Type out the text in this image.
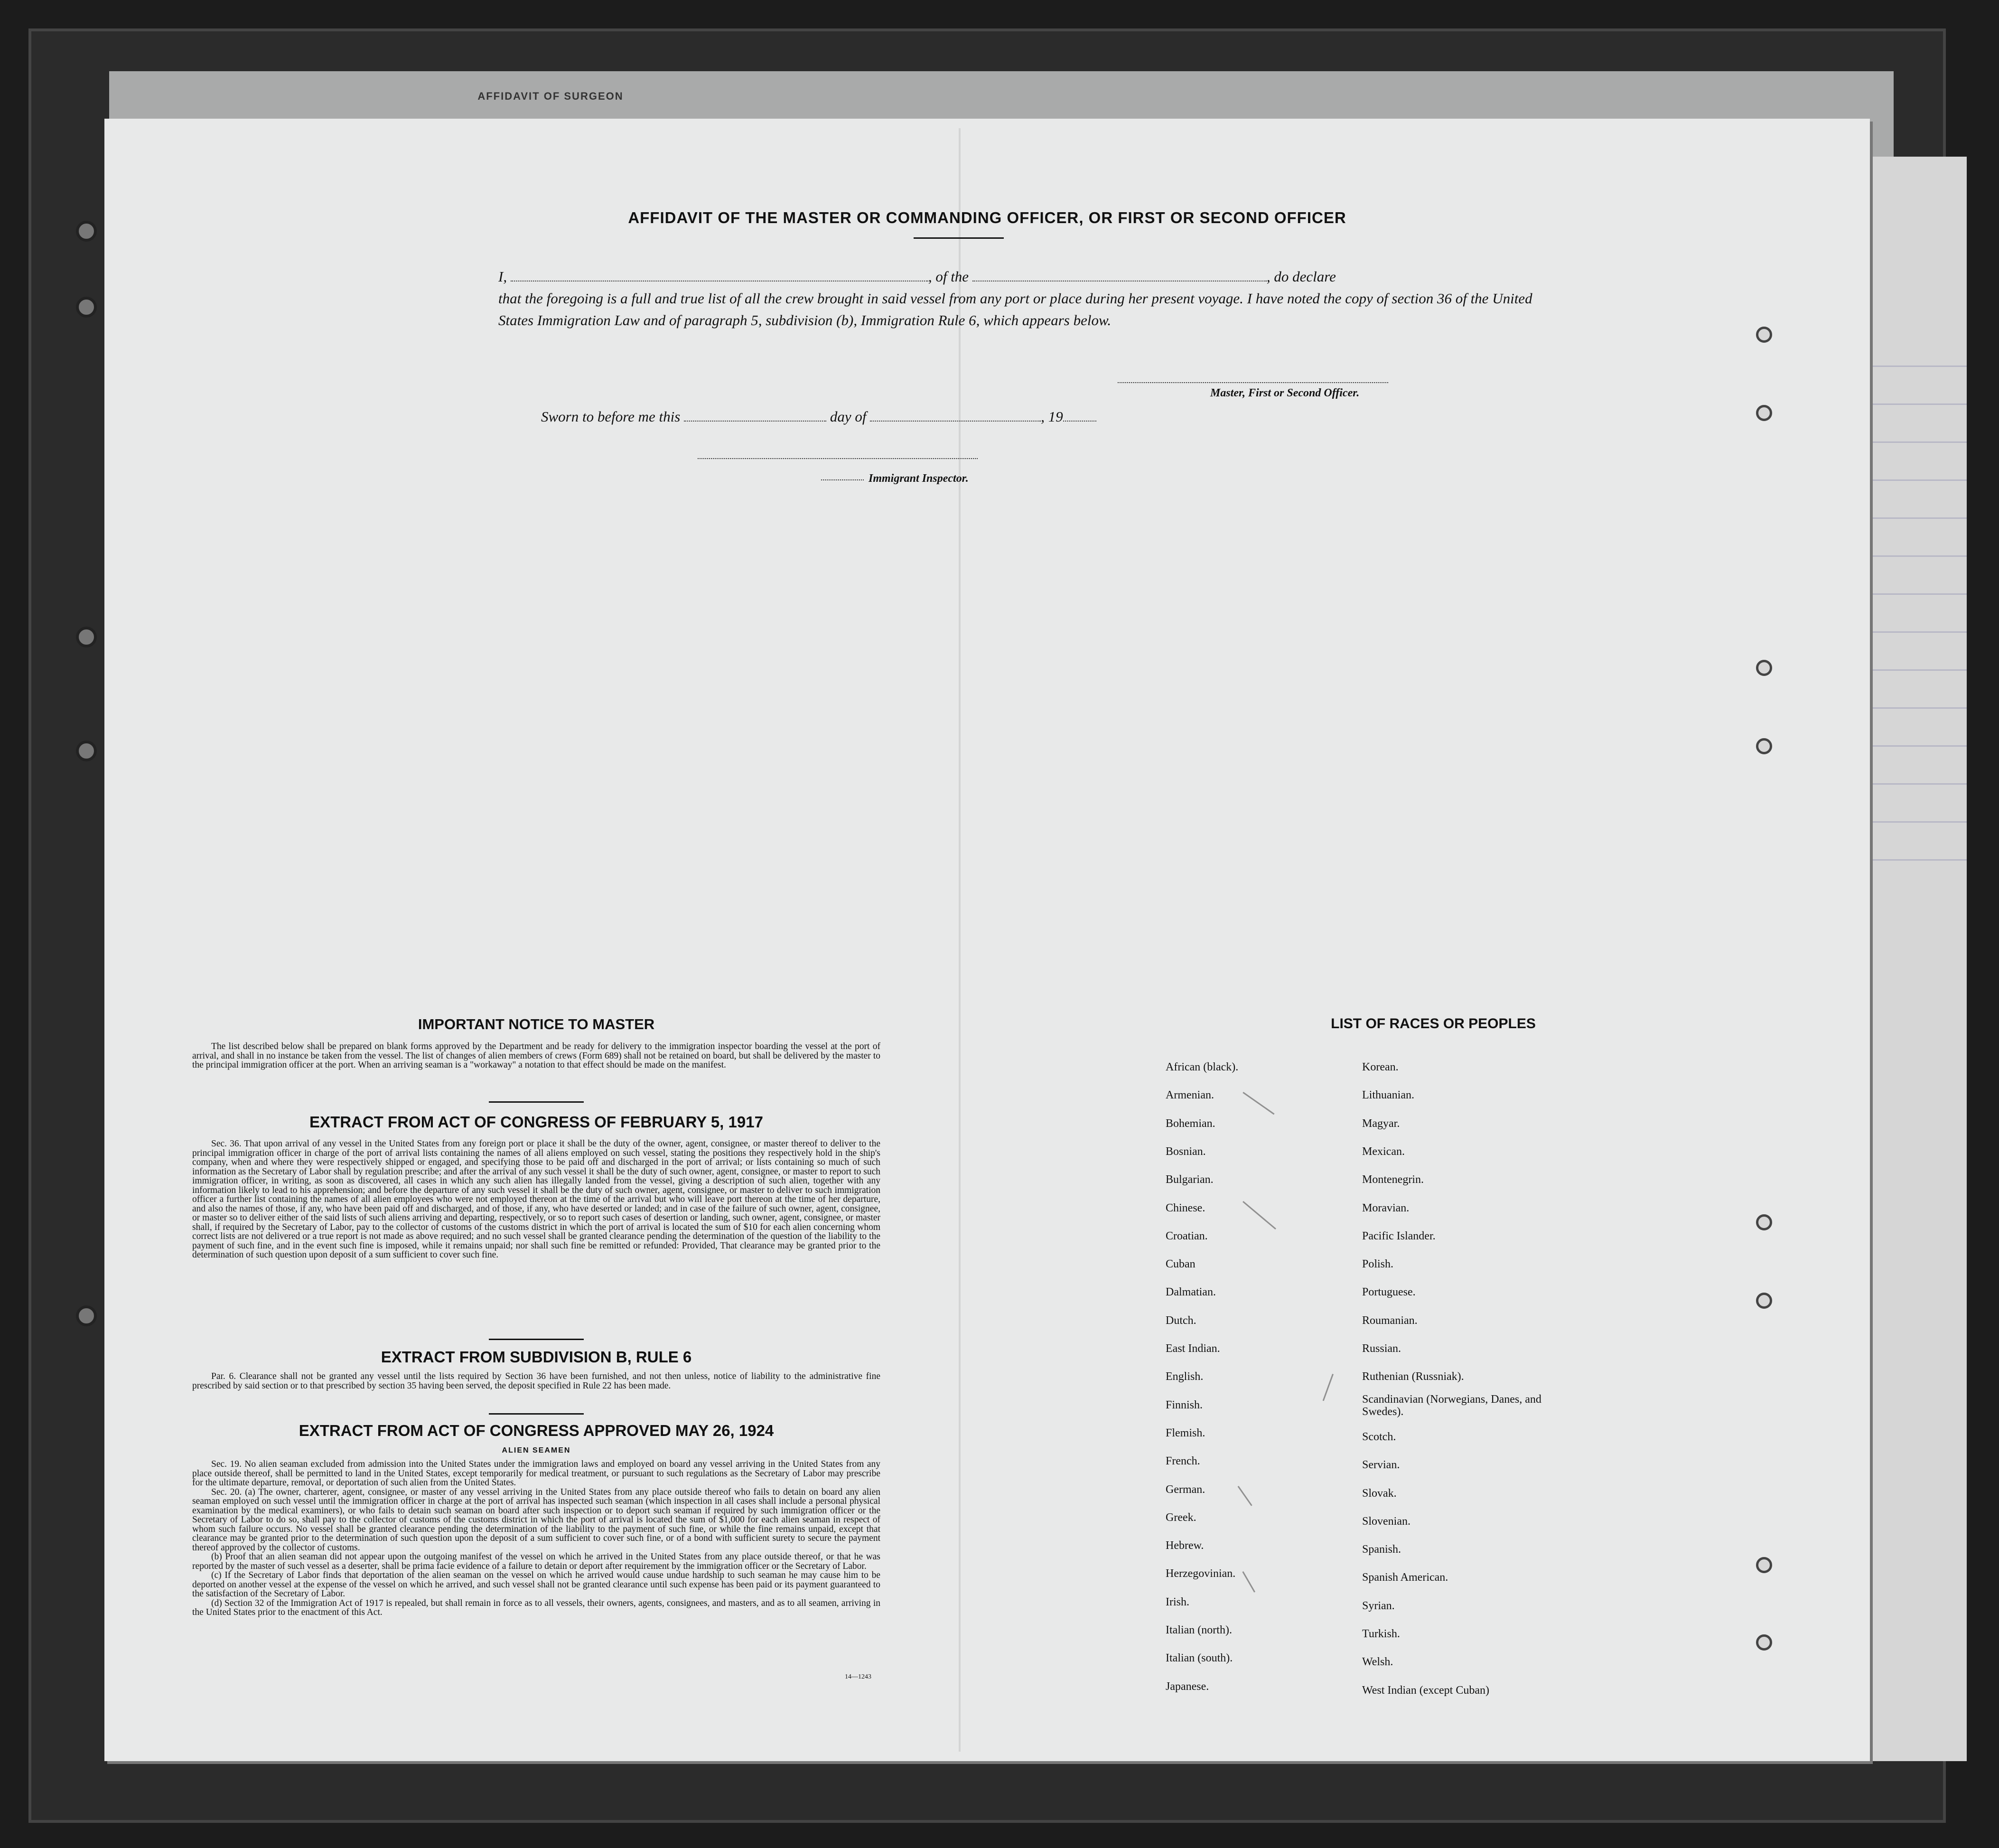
AFFIDAVIT OF SURGEON
AFFIDAVIT OF THE MASTER OR COMMANDING OFFICER, OR FIRST OR SECOND OFFICER
I,	, of the	, do declare
that the foregoing is a full and true list of all the crew brought in said vessel from any port or place during her present voyage. I have noted the copy of section 36 of the United States Immigration Law and of paragraph 5, subdivision (b), Immigration Rule 6, which appears below.
Master, First or Second Officer.
Sworn to before me this	day of	, 19
Immigrant Inspector.
IMPORTANT NOTICE TO MASTER

The list described below shall be prepared on blank forms approved by the Department and be ready for delivery to the immigration inspector boarding the vessel at the port of arrival, and shall in no instance be taken from the vessel. The list of changes of alien members of crews (Form 689) shall not be retained on board, but shall be delivered by the master to the principal immigration officer at the port. When an arriving seaman is a "workaway" a notation to that effect should be made on the manifest.

EXTRACT FROM ACT OF CONGRESS OF FEBRUARY 5, 1917

Sec. 36. That upon arrival of any vessel in the United States from any foreign port or place it shall be the duty of the owner, agent, consignee, or master thereof to deliver to the principal immigration officer in charge of the port of arrival lists containing the names of all aliens employed on such vessel, stating the positions they respectively hold in the ship's company, when and where they were respectively shipped or engaged, and specifying those to be paid off and discharged in the port of arrival; or lists containing so much of such information as the Secretary of Labor shall by regulation prescribe; and after the arrival of any such vessel it shall be the duty of such owner, agent, consignee, or master to report to such immigration officer, in writing, as soon as discovered, all cases in which any such alien has illegally landed from the vessel, giving a description of such alien, together with any information likely to lead to his apprehension; and before the departure of any such vessel it shall be the duty of such owner, agent, consignee, or master to deliver to such immigration officer a further list containing the names of all alien employees who were not employed thereon at the time of the arrival but who will leave port thereon at the time of her departure, and also the names of those, if any, who have been paid off and discharged, and of those, if any, who have deserted or landed; and in case of the failure of such owner, agent, consignee, or master so to deliver either of the said lists of such aliens arriving and departing, respectively, or so to report such cases of desertion or landing, such owner, agent, consignee, or master shall, if required by the Secretary of Labor, pay to the collector of customs of the customs district in which the port of arrival is located the sum of $10 for each alien concerning whom correct lists are not delivered or a true report is not made as above required; and no such vessel shall be granted clearance pending the determination of the question of the liability to the payment of such fine, and in the event such fine is imposed, while it remains unpaid; nor shall such fine be remitted or refunded: Provided, That clearance may be granted prior to the determination of such question upon deposit of a sum sufficient to cover such fine.

EXTRACT FROM SUBDIVISION B, RULE 6

Par. 6. Clearance shall not be granted any vessel until the lists required by Section 36 have been furnished, and not then unless, notice of liability to the administrative fine prescribed by said section or to that prescribed by section 35 having been served, the deposit specified in Rule 22 has been made.

EXTRACT FROM ACT OF CONGRESS APPROVED MAY 26, 1924
ALIEN SEAMEN

Sec. 19. No alien seaman excluded from admission into the United States under the immigration laws and employed on board any vessel arriving in the United States from any place outside thereof, shall be permitted to land in the United States, except temporarily for medical treatment, or pursuant to such regulations as the Secretary of Labor may prescribe for the ultimate departure, removal, or deportation of such alien from the United States.

Sec. 20. (a) The owner, charterer, agent, consignee, or master of any vessel arriving in the United States from any place outside thereof who fails to detain on board any alien seaman employed on such vessel until the immigration officer in charge at the port of arrival has inspected such seaman (which inspection in all cases shall include a personal physical examination by the medical examiners), or who fails to detain such seaman on board after such inspection or to deport such seaman if required by such immigration officer or the Secretary of Labor to do so, shall pay to the collector of customs of the customs district in which the port of arrival is located the sum of $1,000 for each alien seaman in respect of whom such failure occurs. No vessel shall be granted clearance pending the determination of the liability to the payment of such fine, or while the fine remains unpaid, except that clearance may be granted prior to the determination of such question upon the deposit of a sum sufficient to cover such fine, or of a bond with sufficient surety to secure the payment thereof approved by the collector of customs.

(b) Proof that an alien seaman did not appear upon the outgoing manifest of the vessel on which he arrived in the United States from any place outside thereof, or that he was reported by the master of such vessel as a deserter, shall be prima facie evidence of a failure to detain or deport after requirement by the immigration officer or the Secretary of Labor.

(c) If the Secretary of Labor finds that deportation of the alien seaman on the vessel on which he arrived would cause undue hardship to such seaman he may cause him to be deported on another vessel at the expense of the vessel on which he arrived, and such vessel shall not be granted clearance until such expense has been paid or its payment guaranteed to the satisfaction of the Secretary of Labor.

(d) Section 32 of the Immigration Act of 1917 is repealed, but shall remain in force as to all vessels, their owners, agents, consignees, and masters, and as to all seamen, arriving in the United States prior to the enactment of this Act.

14—1243
LIST OF RACES OR PEOPLES
African (black).
Armenian.
Bohemian.
Bosnian.
Bulgarian.
Chinese.
Croatian.
Cuban
Dalmatian.
Dutch.
East Indian.
English.
Finnish.
Flemish.
French.
German.
Greek.
Hebrew.
Herzegovinian.
Irish.
Italian (north).
Italian (south).
Japanese.
Korean.
Lithuanian.
Magyar.
Mexican.
Montenegrin.
Moravian.
Pacific Islander.
Polish.
Portuguese.
Roumanian.
Russian.
Ruthenian (Russniak).
Scandinavian (Norwegians, Danes, and Swedes).
Scotch.
Servian.
Slovak.
Slovenian.
Spanish.
Spanish American.
Syrian.
Turkish.
Welsh.
West Indian (except Cuban)
